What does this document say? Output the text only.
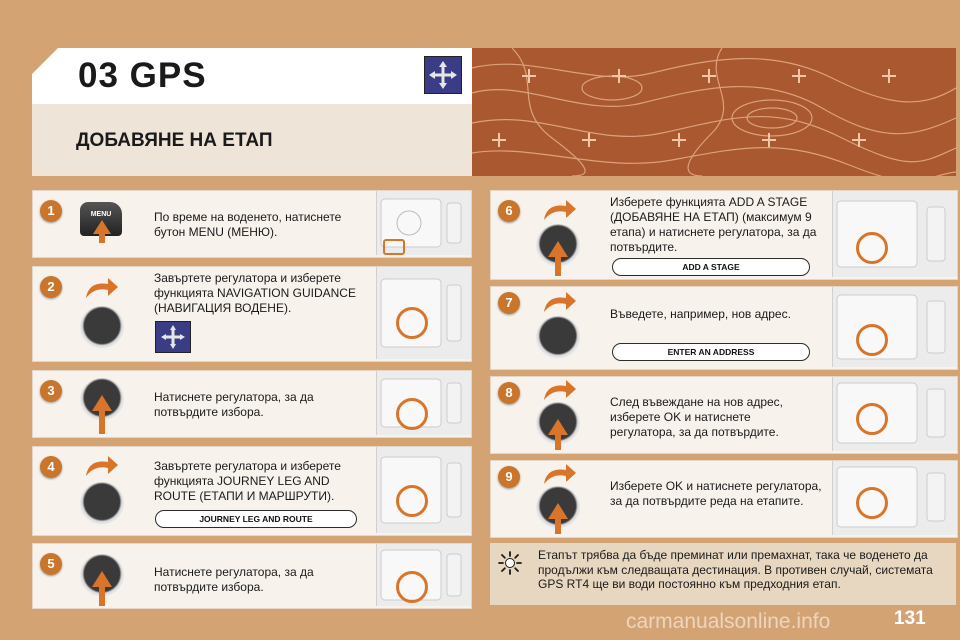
03 GPS
ДОБАВЯНЕ НА ЕТАП
1	MENU	По време на воденето, натиснете бутон MENU (МЕНЮ).
2
Завъртете регулатора и изберете функцията NAVIGATION GUIDANCE (НАВИГАЦИЯ ВОДЕНЕ).
3	Натиснете регулатора, за да потвърдите избора.
4	Завъртете регулатора и изберете функцията JOURNEY LEG AND ROUTE (ЕТАПИ И МАРШРУТИ).
JOURNEY LEG AND ROUTE
5
Натиснете регулатора, за да потвърдите избора.
6
Изберете функцията ADD A STAGE (ДОБАВЯНЕ НА ЕТАП) (максимум 9 етапа) и натиснете регулатора, за да потвърдите.
ADD A STAGE
7
Въведете, например, нов адрес.
ENTER AN ADDRESS
8
След въвеждане на нов адрес, изберете OK и натиснете регулатора, за да потвърдите.
9
Изберете OK и натиснете регулатора, за да потвърдите реда на етапите.
Етапът трябва да бъде преминат или премахнат, така че воденето да продължи към следващата дестинация. В противен случай, системата GPS RT4 ще ви води постоянно към предходния етап.
carmanualsonline.info	131
